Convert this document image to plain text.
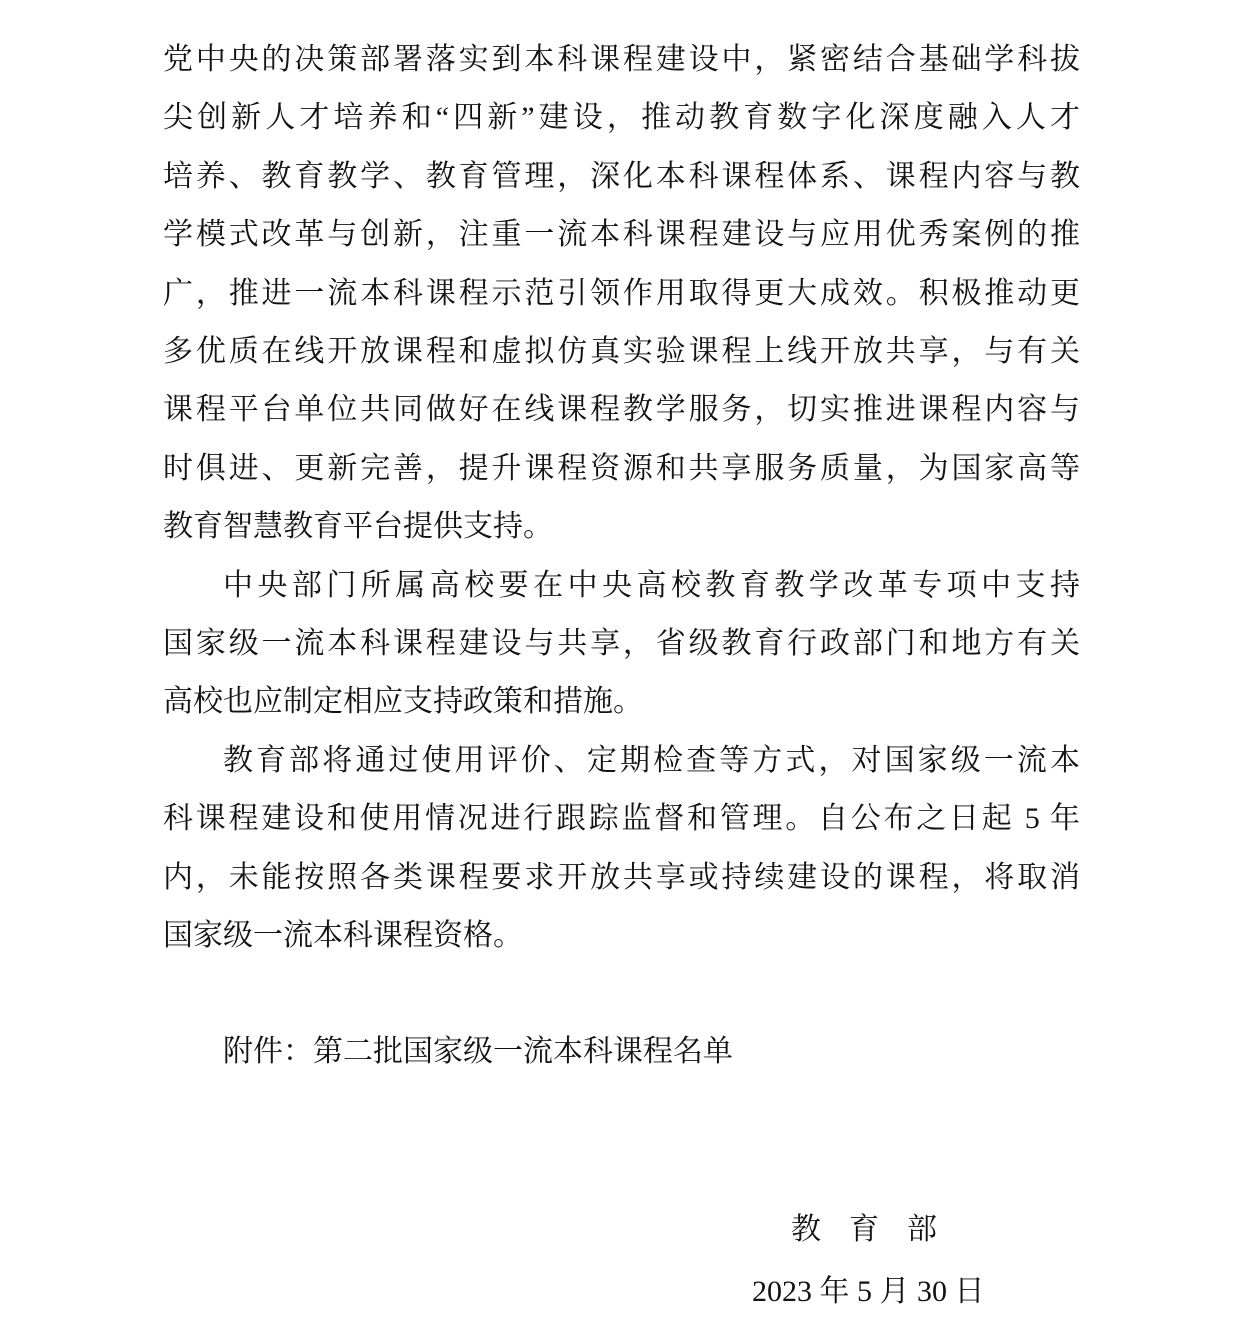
党中央的决策部署落实到本科课程建设中，紧密结合基础学科拔
尖创新人才培养和“四新”建设，推动教育数字化深度融入人才
培养、教育教学、教育管理，深化本科课程体系、课程内容与教
学模式改革与创新，注重一流本科课程建设与应用优秀案例的推
广，推进一流本科课程示范引领作用取得更大成效。积极推动更
多优质在线开放课程和虚拟仿真实验课程上线开放共享，与有关
课程平台单位共同做好在线课程教学服务，切实推进课程内容与
时俱进、更新完善，提升课程资源和共享服务质量，为国家高等
教育智慧教育平台提供支持。
中央部门所属高校要在中央高校教育教学改革专项中支持
国家级一流本科课程建设与共享，省级教育行政部门和地方有关
高校也应制定相应支持政策和措施。
教育部将通过使用评价、定期检查等方式，对国家级一流本
科课程建设和使用情况进行跟踪监督和管理。自公布之日起 5 年
内，未能按照各类课程要求开放共享或持续建设的课程，将取消
国家级一流本科课程资格。
附件：第二批国家级一流本科课程名单
教育部
2023 年 5 月 30 日
